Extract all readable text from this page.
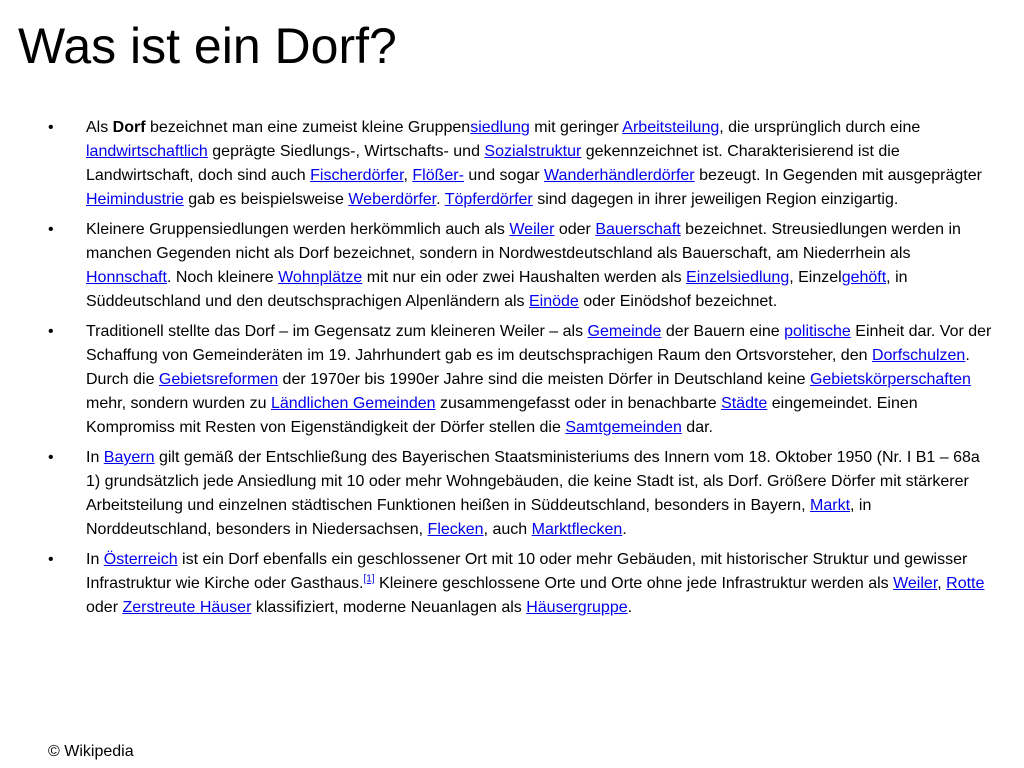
Was ist ein Dorf?
• Als Dorf bezeichnet man eine zumeist kleine Gruppensiedlung mit geringer Arbeitsteilung, die ursprünglich durch eine landwirtschaftlich geprägte Siedlungs-, Wirtschafts- und Sozialstruktur gekennzeichnet ist. Charakterisierend ist die Landwirtschaft, doch sind auch Fischerdörfer, Flößer- und sogar Wanderhändlerdörfer bezeugt. In Gegenden mit ausgeprägter Heimindustrie gab es beispielsweise Weberdörfer. Töpferdörfer sind dagegen in ihrer jeweiligen Region einzigartig.
• Kleinere Gruppensiedlungen werden herkömmlich auch als Weiler oder Bauerschaft bezeichnet. Streusiedlungen werden in manchen Gegenden nicht als Dorf bezeichnet, sondern in Nordwestdeutschland als Bauerschaft, am Niederrhein als Honnschaft. Noch kleinere Wohnplätze mit nur ein oder zwei Haushalten werden als Einzelsiedlung, Einzelgehöft, in Süddeutschland und den deutschsprachigen Alpenländern als Einöde oder Einödshof bezeichnet.
• Traditionell stellte das Dorf – im Gegensatz zum kleineren Weiler – als Gemeinde der Bauern eine politische Einheit dar. Vor der Schaffung von Gemeinderäten im 19. Jahrhundert gab es im deutschsprachigen Raum den Ortsvorsteher, den Dorfschulzen. Durch die Gebietsreformen der 1970er bis 1990er Jahre sind die meisten Dörfer in Deutschland keine Gebietskörperschaften mehr, sondern wurden zu Ländlichen Gemeinden zusammengefasst oder in benachbarte Städte eingemeindet. Einen Kompromiss mit Resten von Eigenständigkeit der Dörfer stellen die Samtgemeinden dar.
• In Bayern gilt gemäß der Entschließung des Bayerischen Staatsministeriums des Innern vom 18. Oktober 1950 (Nr. I B1 – 68a 1) grundsätzlich jede Ansiedlung mit 10 oder mehr Wohngebäuden, die keine Stadt ist, als Dorf. Größere Dörfer mit stärkerer Arbeitsteilung und einzelnen städtischen Funktionen heißen in Süddeutschland, besonders in Bayern, Markt, in Norddeutschland, besonders in Niedersachsen, Flecken, auch Marktflecken.
• In Österreich ist ein Dorf ebenfalls ein geschlossener Ort mit 10 oder mehr Gebäuden, mit historischer Struktur und gewisser Infrastruktur wie Kirche oder Gasthaus.[1] Kleinere geschlossene Orte und Orte ohne jede Infrastruktur werden als Weiler, Rotte oder Zerstreute Häuser klassifiziert, moderne Neuanlagen als Häusergruppe.
© Wikipedia
